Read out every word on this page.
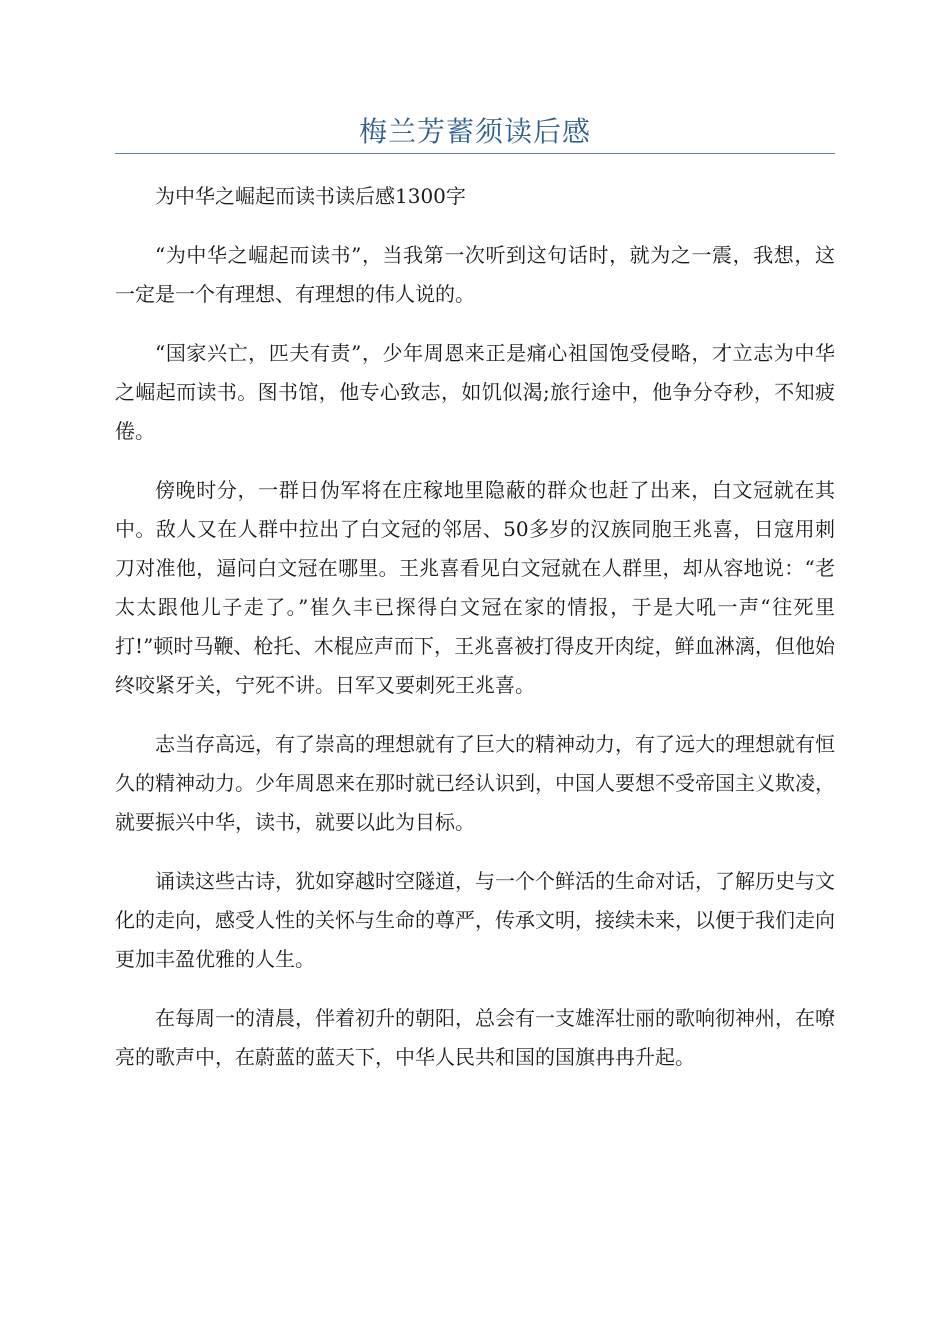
梅兰芳蓄须读后感

为中华之崛起而读书读后感1300字

“为中华之崛起而读书”，当我第一次听到这句话时，就为之一震，我想，这一定是一个有理想、有理想的伟人说的。

“国家兴亡，匹夫有责”，少年周恩来正是痛心祖国饱受侵略，才立志为中华之崛起而读书。图书馆，他专心致志，如饥似渴;旅行途中，他争分夺秒，不知疲倦。

傍晚时分，一群日伪军将在庄稼地里隐蔽的群众也赶了出来，白文冠就在其中。敌人又在人群中拉出了白文冠的邻居、50多岁的汉族同胞王兆喜，日寇用刺刀对准他，逼问白文冠在哪里。王兆喜看见白文冠就在人群里，却从容地说：“老太太跟他儿子走了。”崔久丰已探得白文冠在家的情报，于是大吼一声“往死里打!”顿时马鞭、枪托、木棍应声而下，王兆喜被打得皮开肉绽，鲜血淋漓，但他始终咬紧牙关，宁死不讲。日军又要刺死王兆喜。

志当存高远，有了崇高的理想就有了巨大的精神动力，有了远大的理想就有恒久的精神动力。少年周恩来在那时就已经认识到，中国人要想不受帝国主义欺凌，就要振兴中华，读书，就要以此为目标。

诵读这些古诗，犹如穿越时空隧道，与一个个鲜活的生命对话，了解历史与文化的走向，感受人性的关怀与生命的尊严，传承文明，接续未来，以便于我们走向更加丰盈优雅的人生。

在每周一的清晨，伴着初升的朝阳，总会有一支雄浑壮丽的歌响彻神州，在嘹亮的歌声中，在蔚蓝的蓝天下，中华人民共和国的国旗冉冉升起。
